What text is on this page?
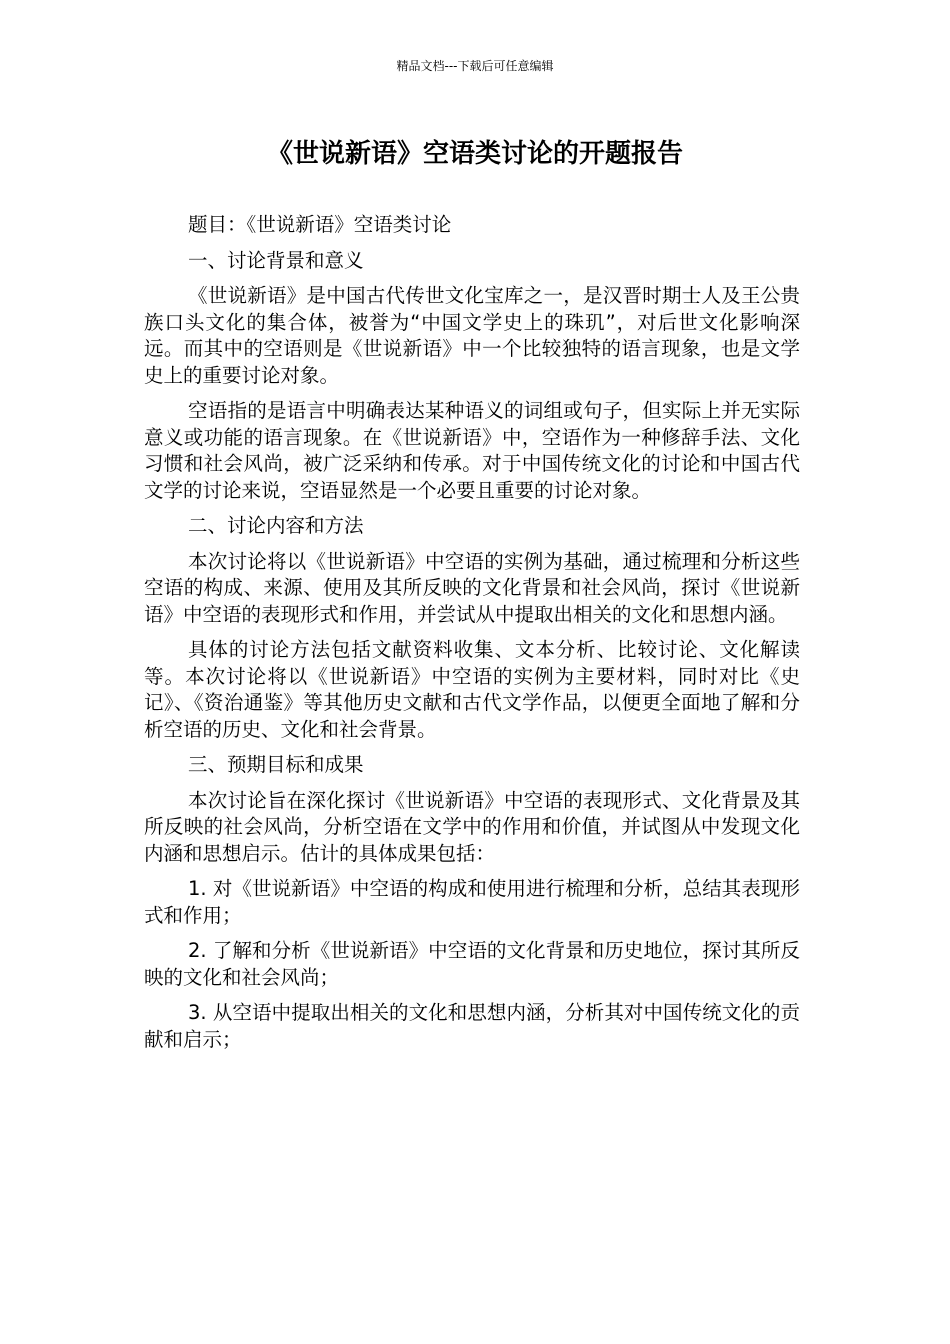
精品文档---下载后可任意编辑
《世说新语》空语类讨论的开题报告

题目：《世说新语》空语类讨论

一、讨论背景和意义

《世说新语》是中国古代传世文化宝库之一，是汉晋时期士人及王公贵族口头文化的集合体，被誉为“中国文学史上的珠玑”，对后世文化影响深远。而其中的空语则是《世说新语》中一个比较独特的语言现象，也是文学史上的重要讨论对象。

空语指的是语言中明确表达某种语义的词组或句子，但实际上并无实际意义或功能的语言现象。在《世说新语》中，空语作为一种修辞手法、文化习惯和社会风尚，被广泛采纳和传承。对于中国传统文化的讨论和中国古代文学的讨论来说，空语显然是一个必要且重要的讨论对象。

二、讨论内容和方法

本次讨论将以《世说新语》中空语的实例为基础，通过梳理和分析这些空语的构成、来源、使用及其所反映的文化背景和社会风尚，探讨《世说新语》中空语的表现形式和作用，并尝试从中提取出相关的文化和思想内涵。

具体的讨论方法包括文献资料收集、文本分析、比较讨论、文化解读等。本次讨论将以《世说新语》中空语的实例为主要材料，同时对比《史记》、《资治通鉴》等其他历史文献和古代文学作品，以便更全面地了解和分析空语的历史、文化和社会背景。

三、预期目标和成果

本次讨论旨在深化探讨《世说新语》中空语的表现形式、文化背景及其所反映的社会风尚，分析空语在文学中的作用和价值，并试图从中发现文化内涵和思想启示。估计的具体成果包括：

1. 对《世说新语》中空语的构成和使用进行梳理和分析，总结其表现形式和作用；

2. 了解和分析《世说新语》中空语的文化背景和历史地位，探讨其所反映的文化和社会风尚；

3. 从空语中提取出相关的文化和思想内涵，分析其对中国传统文化的贡献和启示；
